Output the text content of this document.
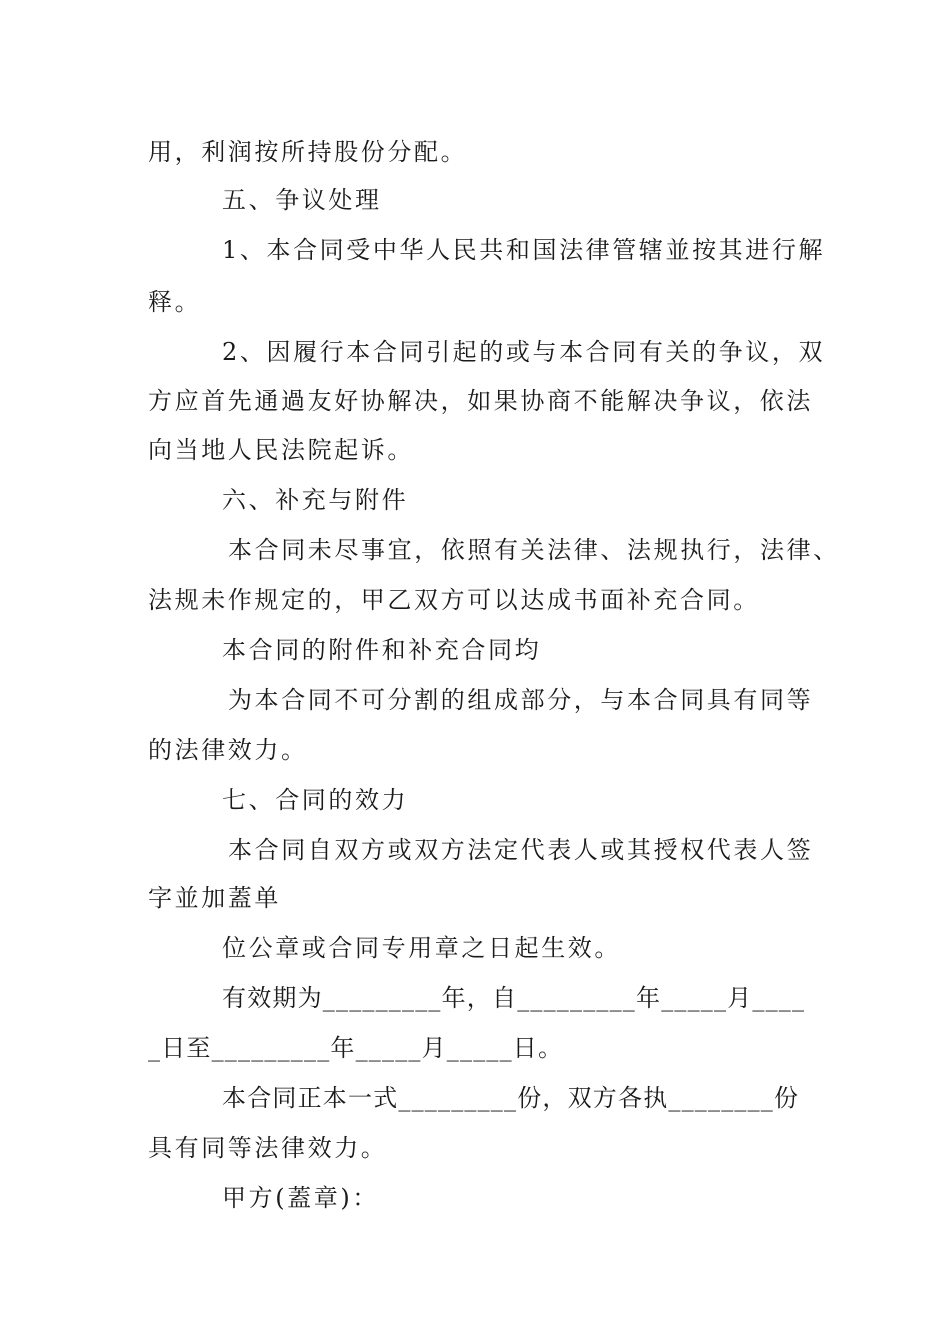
用，利润按所持股份分配。
五、争议处理
1、本合同受中华人民共和国法律管辖並按其进行解
释。
2、因履行本合同引起的或与本合同有关的争议，双
方应首先通過友好协解决，如果协商不能解决争议，依法
向当地人民法院起诉。
六、补充与附件
本合同未尽事宜，依照有关法律、法规执行，法律、
法规未作规定的，甲乙双方可以达成书面补充合同。
本合同的附件和补充合同均
为本合同不可分割的组成部分，与本合同具有同等
的法律效力。
七、合同的效力
本合同自双方或双方法定代表人或其授权代表人签
字並加蓋单
位公章或合同专用章之日起生效。
有效期为_________年，自_________年_____月____
_日至_________年_____月_____日。
本合同正本一式_________份，双方各执________份
具有同等法律效力。
甲方(蓋章)：
